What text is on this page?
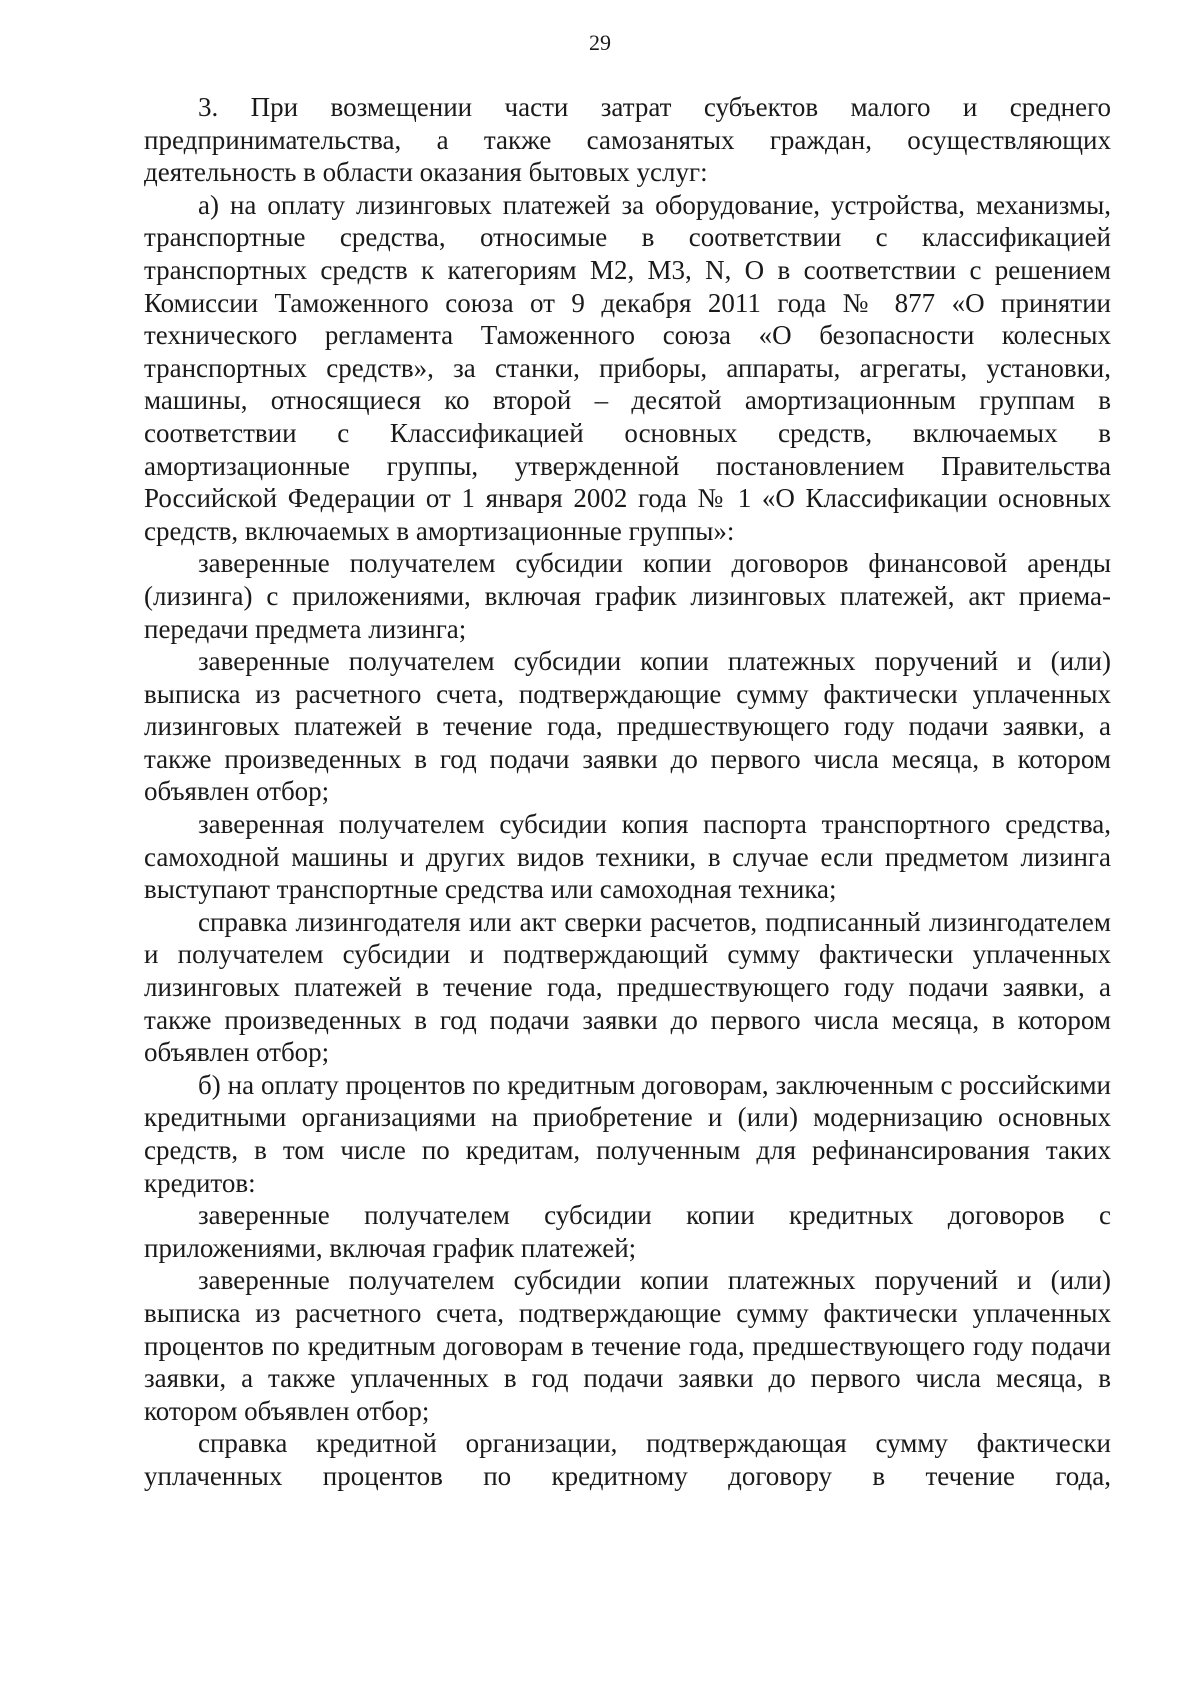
29

3. При возмещении части затрат субъектов малого и среднего предпринимательства, а также самозанятых граждан, осуществляющих деятельность в области оказания бытовых услуг:

а) на оплату лизинговых платежей за оборудование, устройства, механизмы, транспортные средства, относимые в соответствии с классификацией транспортных средств к категориям М2, М3, N, О в соответствии с решением Комиссии Таможенного союза от 9 декабря 2011 года № 877 «О принятии технического регламента Таможенного союза «О безопасности колесных транспортных средств», за станки, приборы, аппараты, агрегаты, установки, машины, относящиеся ко второй – десятой амортизационным группам в соответствии с Классификацией основных средств, включаемых в амортизационные группы, утвержденной постановлением Правительства Российской Федерации от 1 января 2002 года № 1 «О Классификации основных средств, включаемых в амортизационные группы»:

заверенные получателем субсидии копии договоров финансовой аренды (лизинга) с приложениями, включая график лизинговых платежей, акт приема-передачи предмета лизинга;

заверенные получателем субсидии копии платежных поручений и (или) выписка из расчетного счета, подтверждающие сумму фактически уплаченных лизинговых платежей в течение года, предшествующего году подачи заявки, а также произведенных в год подачи заявки до первого числа месяца, в котором объявлен отбор;

заверенная получателем субсидии копия паспорта транспортного средства, самоходной машины и других видов техники, в случае если предметом лизинга выступают транспортные средства или самоходная техника;

справка лизингодателя или акт сверки расчетов, подписанный лизингодателем и получателем субсидии и подтверждающий сумму фактически уплаченных лизинговых платежей в течение года, предшествующего году подачи заявки, а также произведенных в год подачи заявки до первого числа месяца, в котором объявлен отбор;

б) на оплату процентов по кредитным договорам, заключенным с российскими кредитными организациями на приобретение и (или) модернизацию основных средств, в том числе по кредитам, полученным для рефинансирования таких кредитов:

заверенные получателем субсидии копии кредитных договоров с приложениями, включая график платежей;

заверенные получателем субсидии копии платежных поручений и (или) выписка из расчетного счета, подтверждающие сумму фактически уплаченных процентов по кредитным договорам в течение года, предшествующего году подачи заявки, а также уплаченных в год подачи заявки до первого числа месяца, в котором объявлен отбор;

справка кредитной организации, подтверждающая сумму фактически уплаченных процентов по кредитному договору в течение года,
